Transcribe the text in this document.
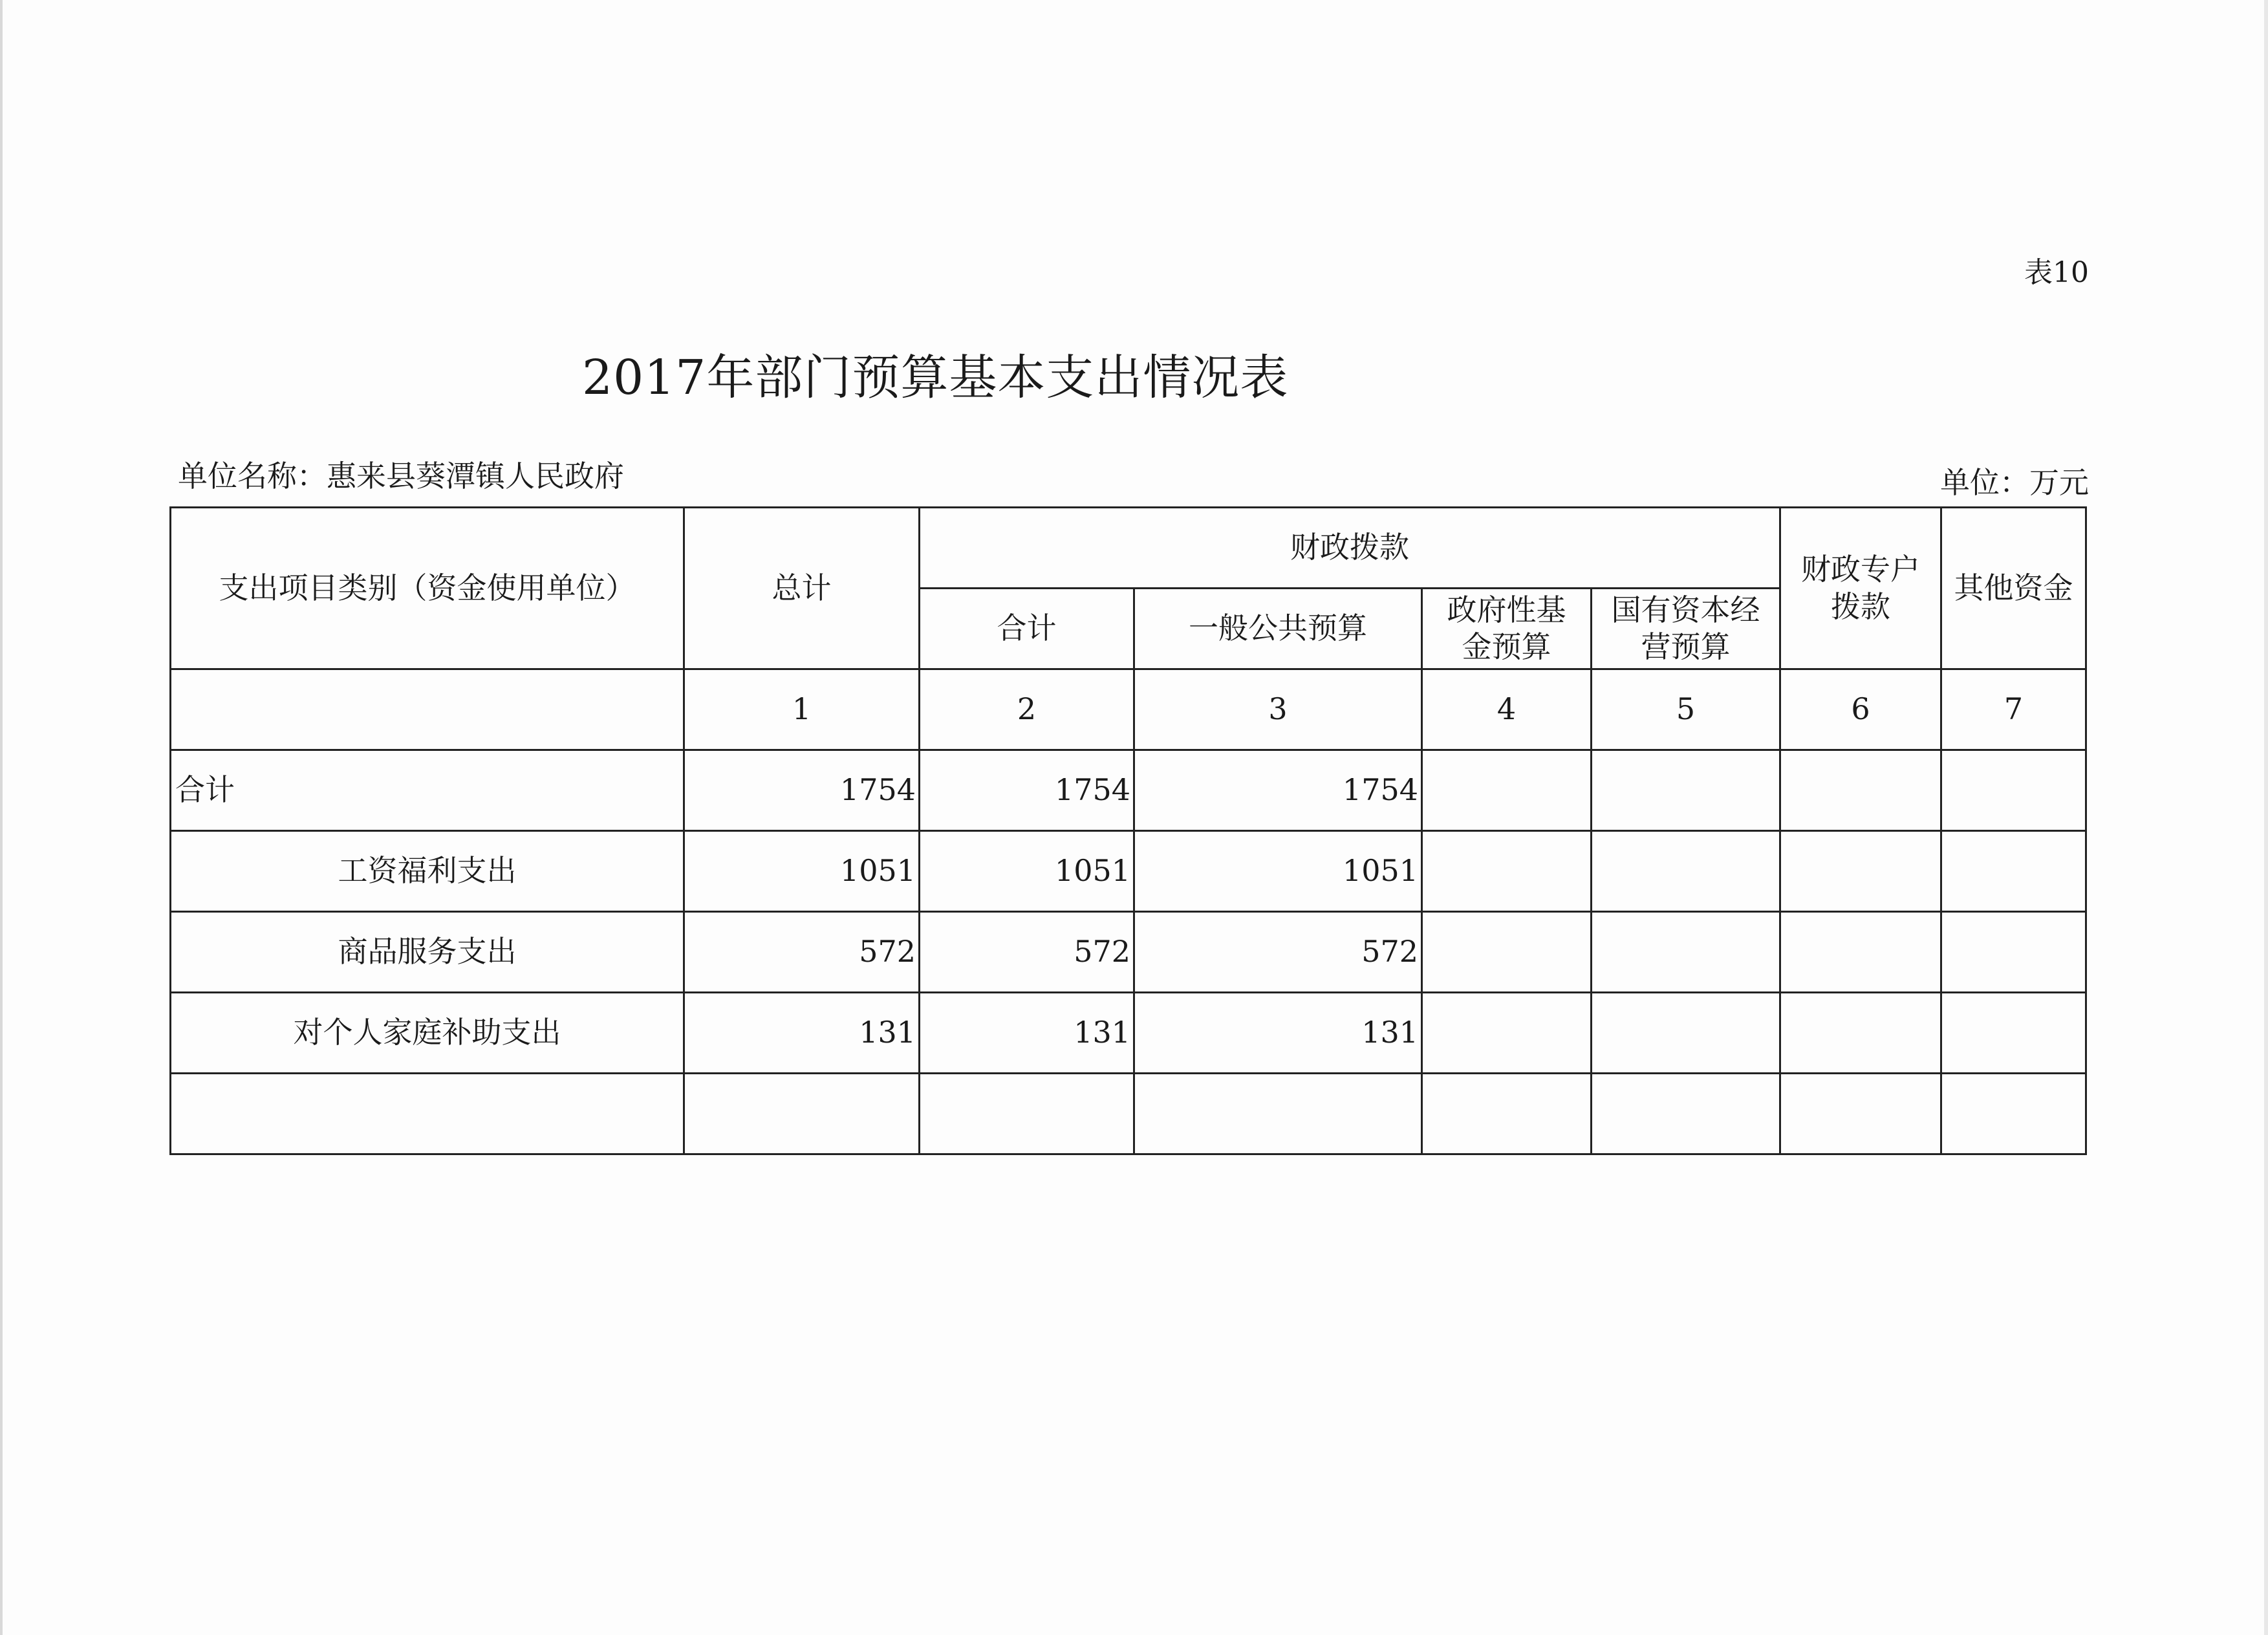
表10
2017年部门预算基本支出情况表
单位名称：惠来县葵潭镇人民政府	单位：万元
支出项目类别（资金使用单位）	总计	财政拨款				财政专户拨款	其他资金
		合计	一般公共预算	政府性基金预算	国有资本经营预算		
	1	2	3	4	5	6	7
合计	1754	1754	1754				
工资福利支出	1051	1051	1051				
商品服务支出	572	572	572				
对个人家庭补助支出	131	131	131				
